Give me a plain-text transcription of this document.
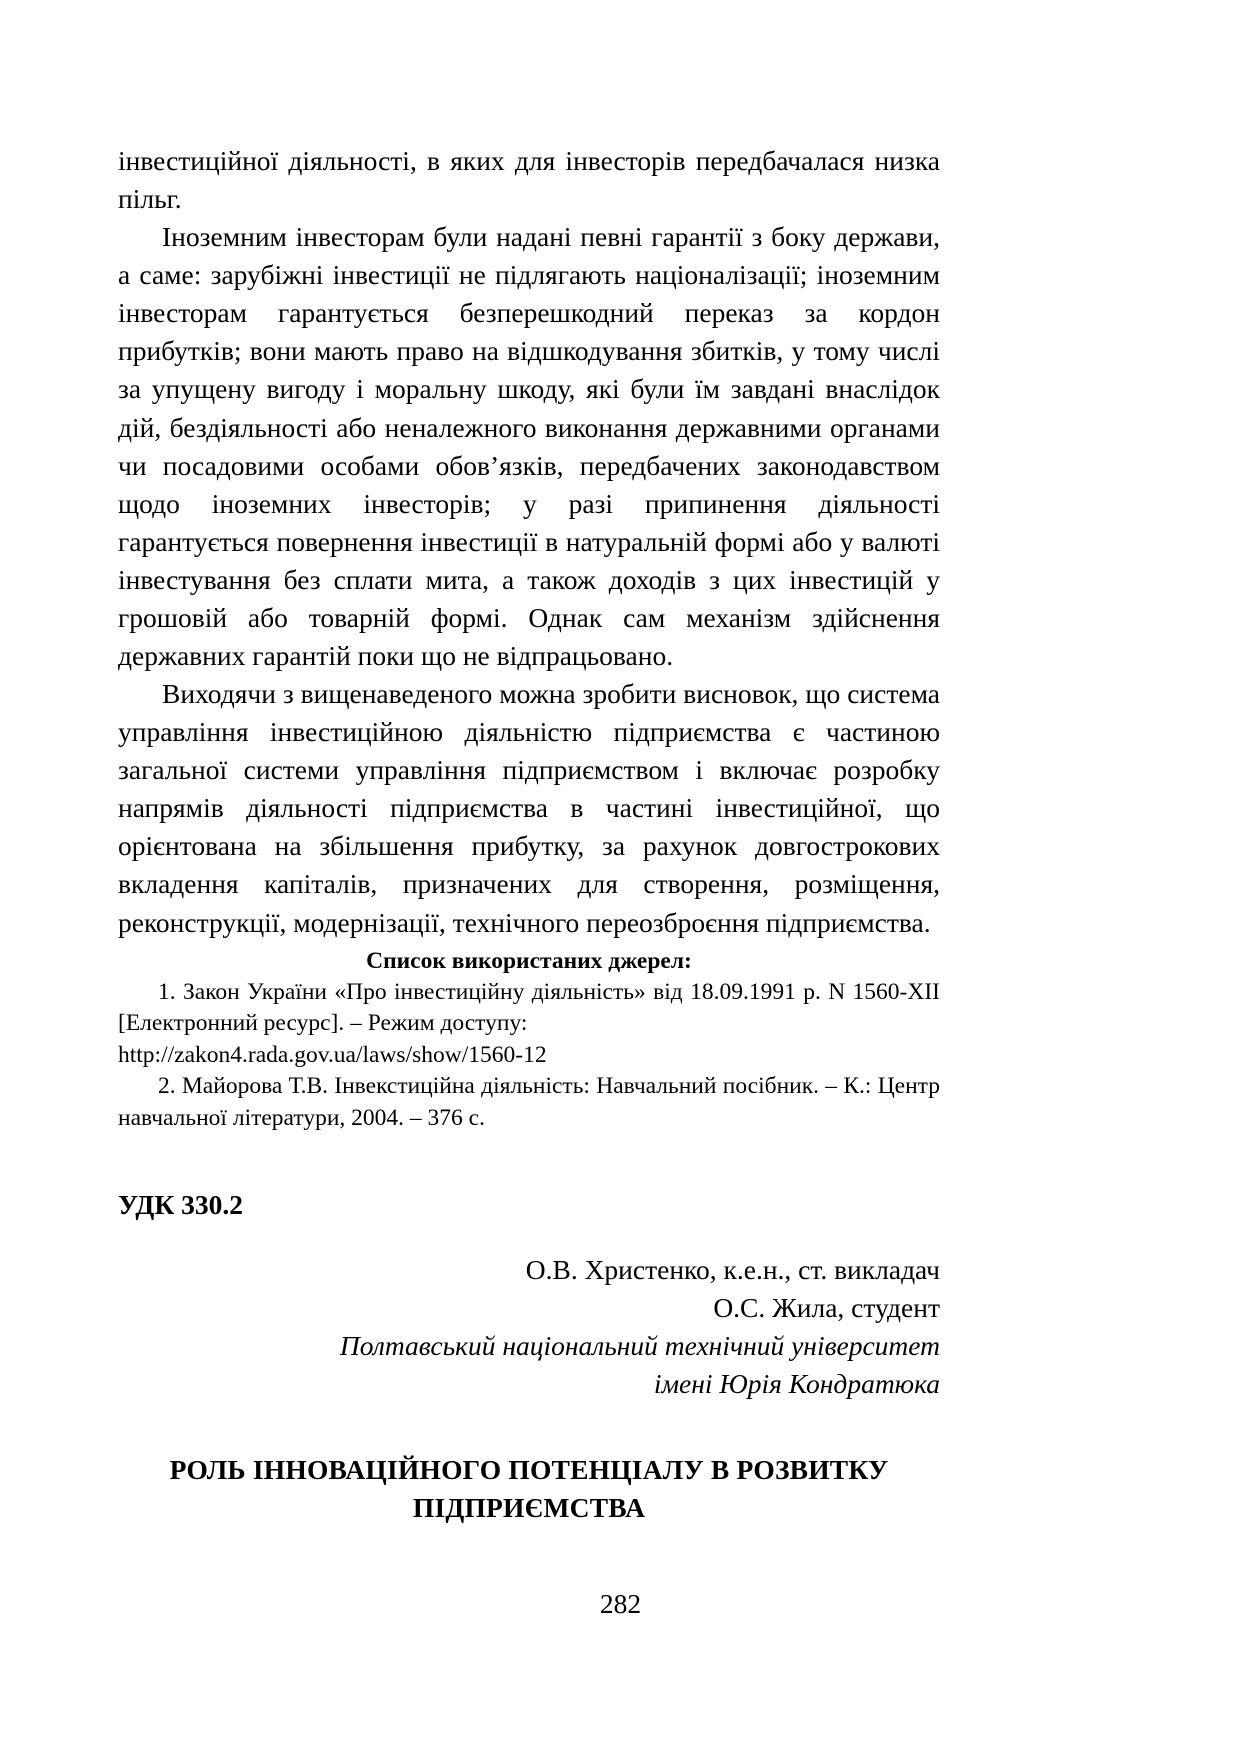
інвестиційної діяльності, в яких для інвесторів передбачалася низка пільг.

Іноземним інвесторам були надані певні гарантії з боку держави, а саме: зарубіжні інвестиції не підлягають націоналізації; іноземним інвесторам гарантується безперешкодний переказ за кордон прибутків; вони мають право на відшкодування збитків, у тому числі за упущену вигоду і моральну шкоду, які були їм завдані внаслідок дій, бездіяльності або неналежного виконання державними органами чи посадовими особами обов’язків, передбачених законодавством щодо іноземних інвесторів; у разі припинення діяльності гарантується повернення інвестиції в натуральній формі або у валюті інвестування без сплати мита, а також доходів з цих інвестицій у грошовій або товарній формі. Однак сам механізм здійснення державних гарантій поки що не відпрацьовано.

Виходячи з вищенаведеного можна зробити висновок, що система управління інвестиційною діяльністю підприємства є частиною загальної системи управління підприємством і включає розробку напрямів діяльності підприємства в частині інвестиційної, що орієнтована на збільшення прибутку, за рахунок довгострокових вкладення капіталів, призначених для створення, розміщення, реконструкції, модернізації, технічного переозброєння підприємства.

Список використаних джерел:

1. Закон України «Про інвестиційну діяльність» від 18.09.1991 р. N 1560-XII [Електронний ресурс]. – Режим доступу:

http://zakon4.rada.gov.ua/laws/show/1560-12

2. Майорова Т.В. Інвекстиційна діяльність: Навчальний посібник. – К.: Центр навчальної літератури, 2004. – 376 с.

УДК 330.2

О.В. Христенко, к.е.н., ст. викладач
О.С. Жила, студент
Полтавський національний технічний університет
імені Юрія Кондратюка

РОЛЬ ІННОВАЦІЙНОГО ПОТЕНЦІАЛУ В РОЗВИТКУ
ПІДПРИЄМСТВА

282
